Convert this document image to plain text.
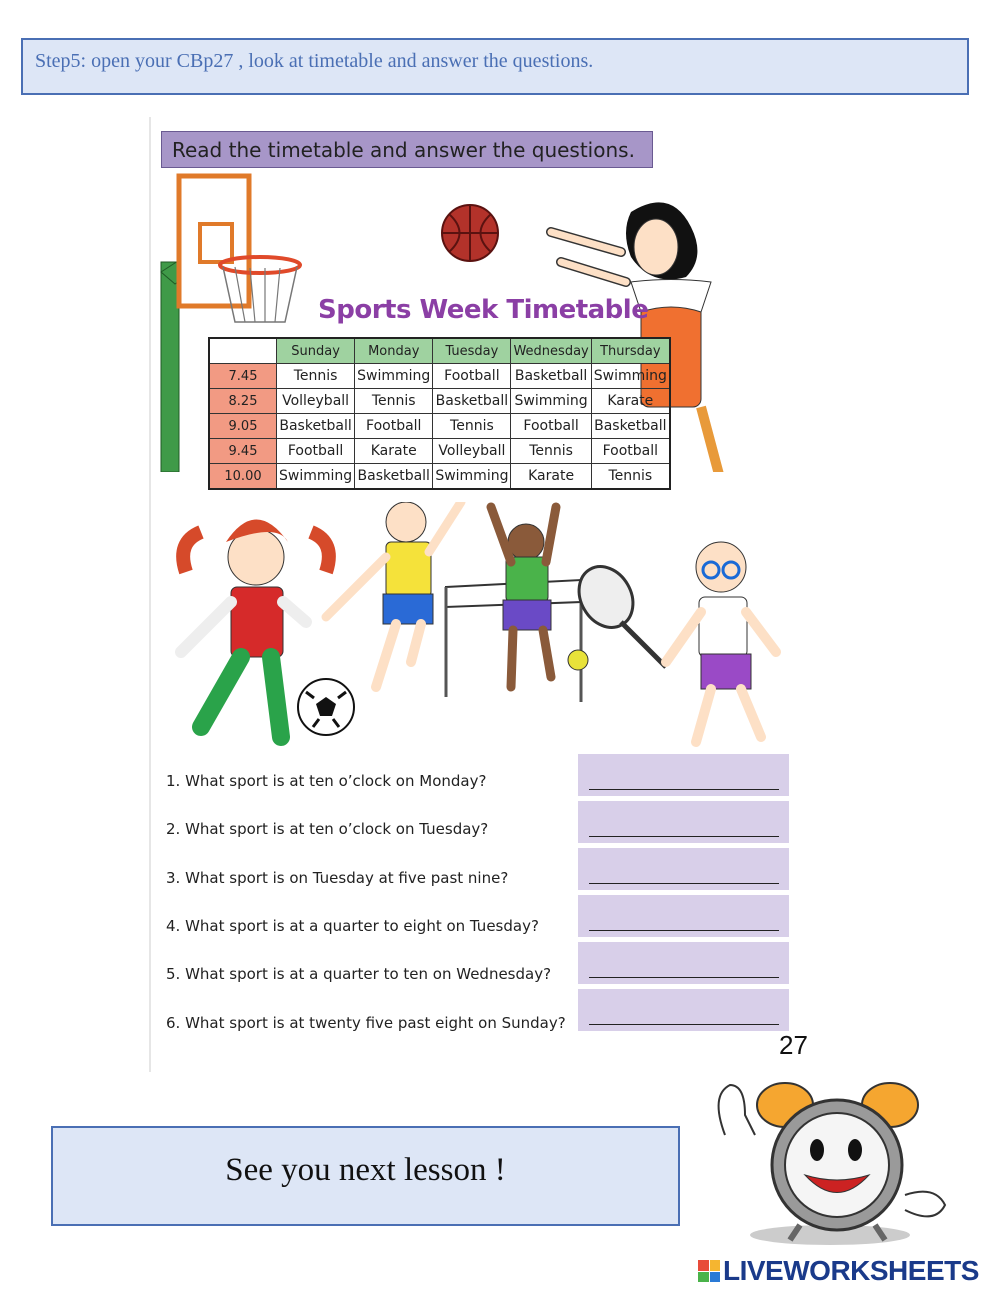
Step5: open your CBp27 , look at timetable and answer the questions.
Read the timetable and answer the questions.
Sports Week Timetable
	Sunday	Monday	Tuesday	Wednesday	Thursday
7.45	Tennis	Swimming	Football	Basketball	Swimming
8.25	Volleyball	Tennis	Basketball	Swimming	Karate
9.05	Basketball	Football	Tennis	Football	Basketball
9.45	Football	Karate	Volleyball	Tennis	Football
10.00	Swimming	Basketball	Swimming	Karate	Tennis
1. What sport is at ten o’clock on Monday?
2. What sport is at ten o’clock on Tuesday?
3. What sport is on Tuesday at five past nine?
4. What sport is at a quarter to eight on Tuesday?
5. What sport is at a quarter to ten on Wednesday?
6. What sport is at twenty five past eight on Sunday?
27
See you next lesson !
LIVEWORKSHEETS
